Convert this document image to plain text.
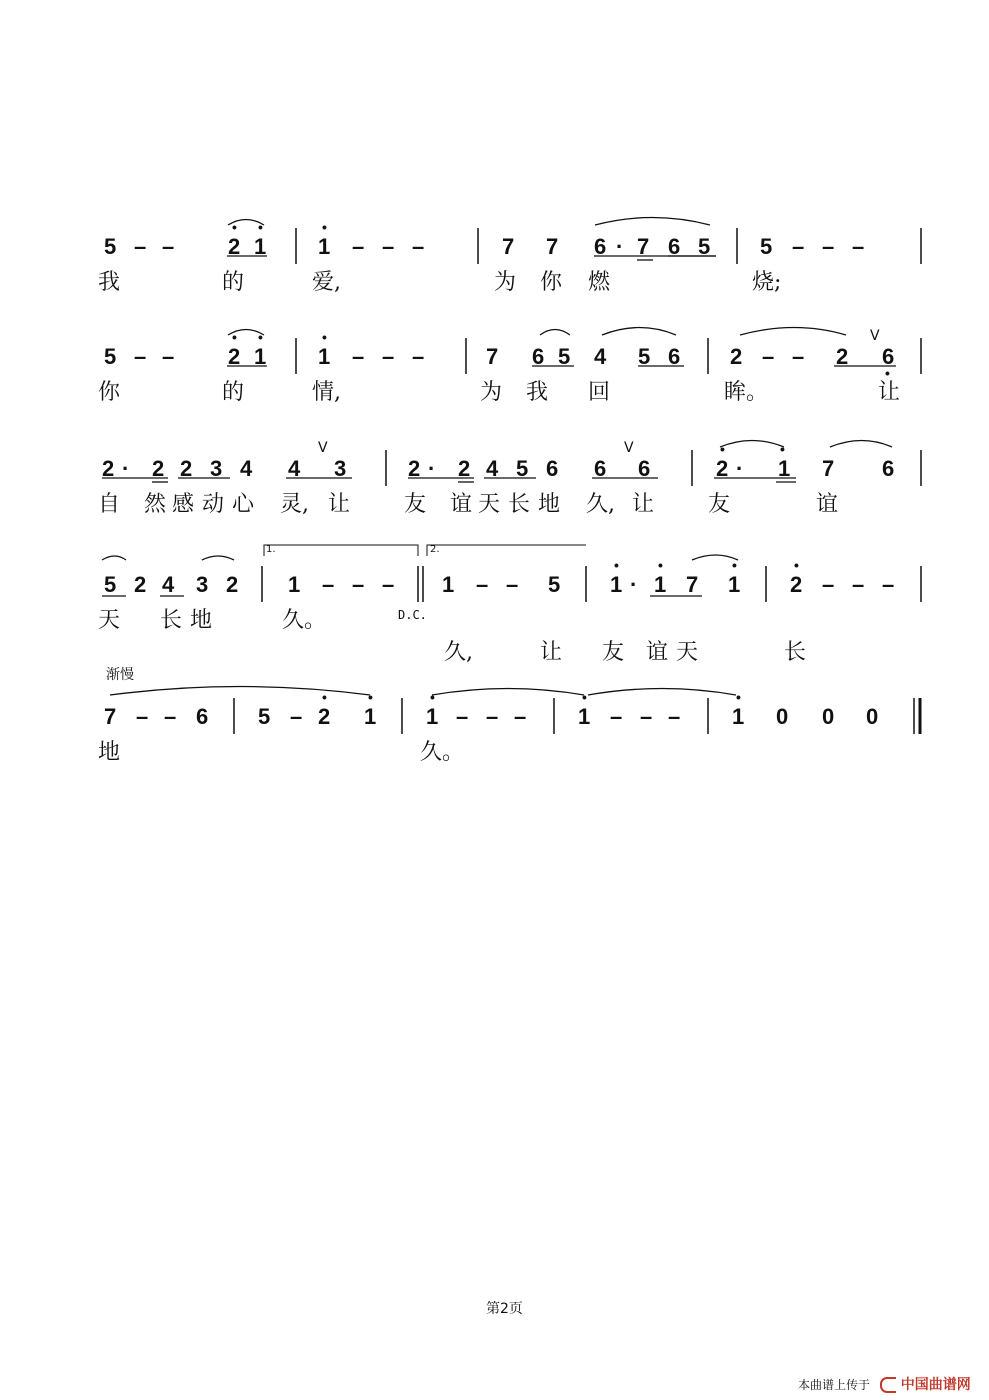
5 – – 2 1 1 – – –	7 7 6 · 7 6 5 5 – – –
• •	•
我	的	爱,	为 你 燃	烧;
5 – – 2 1 1 – – –	7 6 5 4 5 6 2 – – 2 6
• •	•
•
V
你	的	情,	为 我 回	眸。	让
2 · 2 2 3 4 4 3	2 · 2 4 5 6 6 6	2 · 1 7 6
•	•
V	V
自 然 感 动 心 灵, 让 友 谊 天 长 地 久, 让 友	谊
1.	2.
5 2 4 3 2 1 – – – 1 – – 5 1 · 1 7 1 2 – – –
•	•	•	•
D.C.
天 长 地	久。
久,	让 友 谊 天	长
渐慢
7 – – 6 5 – 2 1 1 – – – 1 – – – 1 0 0 0
•	•	•	•	•
地	久。
第2页
本曲谱上传于 中国曲谱网
